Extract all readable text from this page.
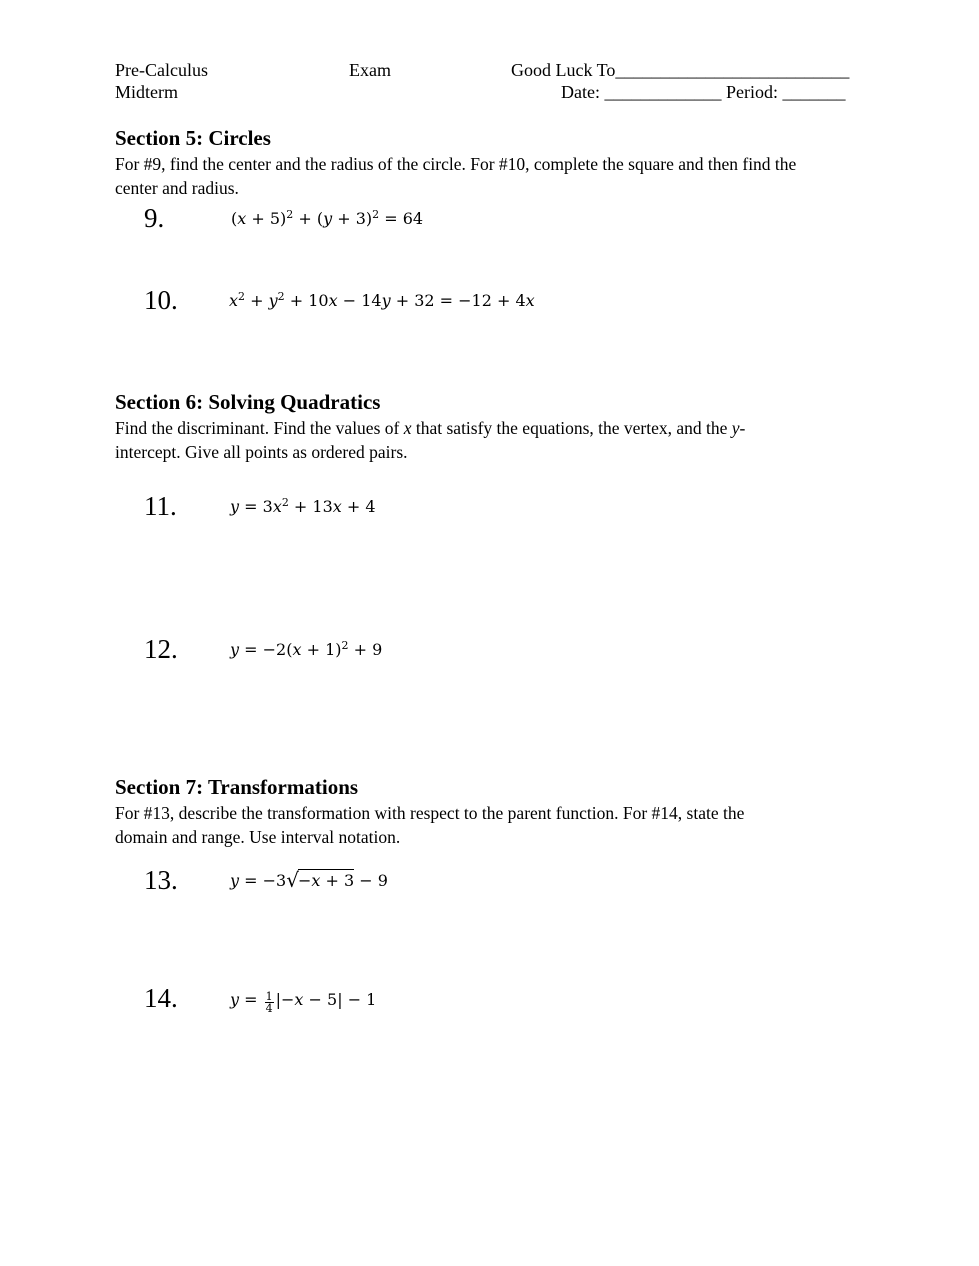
Pre-Calculus
Midterm
Exam	Good Luck To__________________________
Date: _____________ Period: _______
Section 5: Circles
For #9, find the center and the radius of the circle. For #10, complete the square and then find the
center and radius.
9.	$(x + 5)^2 + (y + 3)^2 = 64$
10.	$x^2 + y^2 + 10x - 14y + 32 = -12 + 4x$
Section 6: Solving Quadratics
Find the discriminant. Find the values of x that satisfy the equations, the vertex, and the y-
intercept. Give all points as ordered pairs.
11.	$y = 3x^2 + 13x + 4$
12.	$y = -2(x + 1)^2 + 9$
Section 7: Transformations
For #13, describe the transformation with respect to the parent function. For #14, state the
domain and range. Use interval notation.
13.	y = −3√−x + 3 − 9
14.	$y = \frac{1}{4} |-x - 5| - 1$
